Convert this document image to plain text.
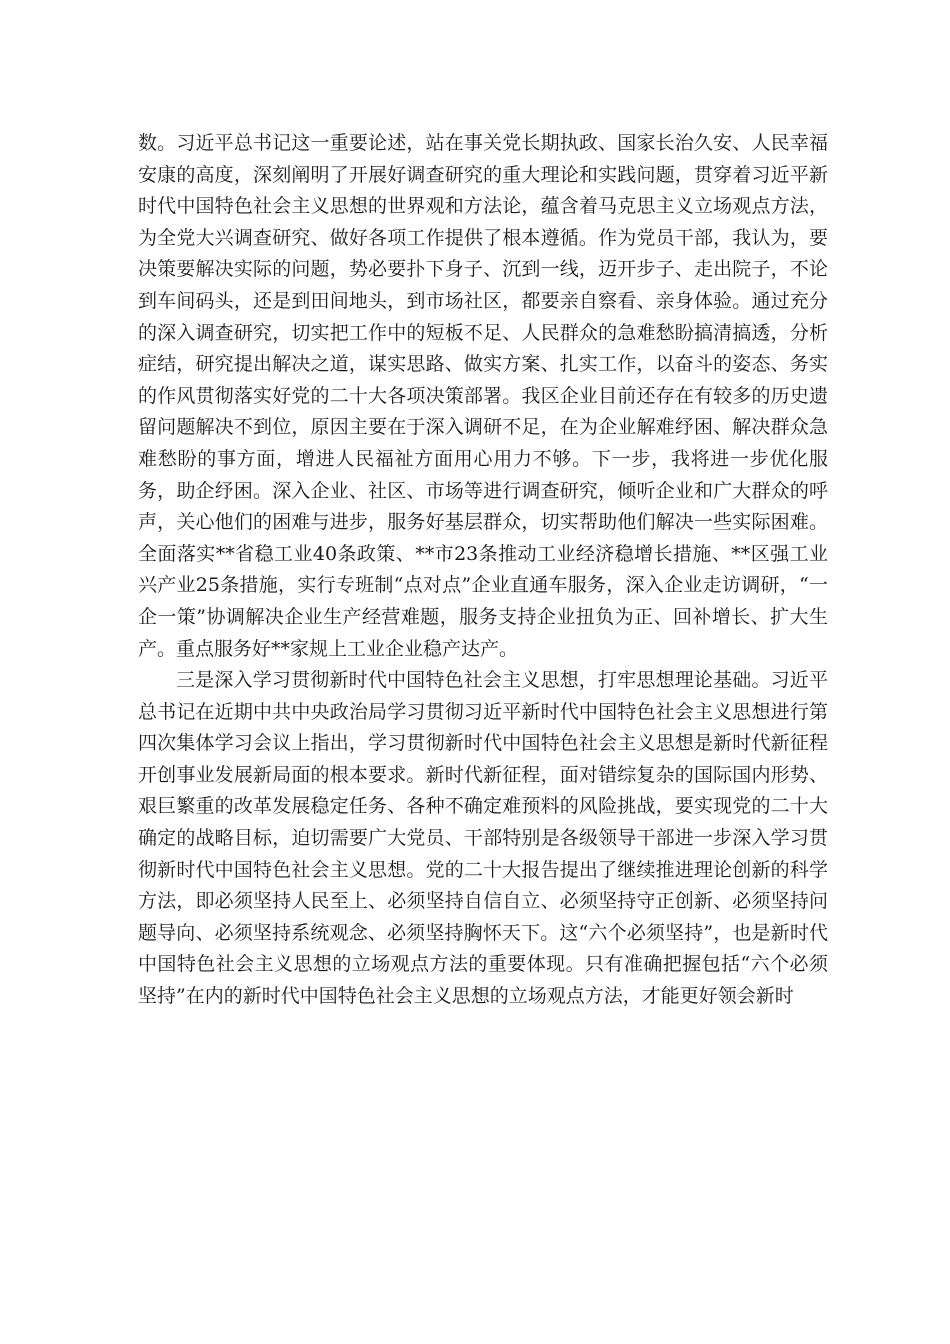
数。习近平总书记这一重要论述，站在事关党长期执政、国家长治久安、人民幸福安康的高度，深刻阐明了开展好调查研究的重大理论和实践问题，贯穿着习近平新时代中国特色社会主义思想的世界观和方法论，蕴含着马克思主义立场观点方法，为全党大兴调查研究、做好各项工作提供了根本遵循。作为党员干部，我认为，要决策要解决实际的问题，势必要扑下身子、沉到一线，迈开步子、走出院子，不论到车间码头，还是到田间地头，到市场社区，都要亲自察看、亲身体验。通过充分的深入调查研究，切实把工作中的短板不足、人民群众的急难愁盼搞清搞透，分析症结，研究提出解决之道，谋实思路、做实方案、扎实工作，以奋斗的姿态、务实的作风贯彻落实好党的二十大各项决策部署。我区企业目前还存在有较多的历史遗留问题解决不到位，原因主要在于深入调研不足，在为企业解难纾困、解决群众急难愁盼的事方面，增进人民福祉方面用心用力不够。下一步，我将进一步优化服务，助企纾困。深入企业、社区、市场等进行调查研究，倾听企业和广大群众的呼声，关心他们的困难与进步，服务好基层群众，切实帮助他们解决一些实际困难。全面落实**省稳工业40条政策、**市23条推动工业经济稳增长措施、**区强工业兴产业25条措施，实行专班制“点对点”企业直通车服务，深入企业走访调研，“一企一策”协调解决企业生产经营难题，服务支持企业扭负为正、回补增长、扩大生产。重点服务好**家规上工业企业稳产达产。

三是深入学习贯彻新时代中国特色社会主义思想，打牢思想理论基础。习近平总书记在近期中共中央政治局学习贯彻习近平新时代中国特色社会主义思想进行第四次集体学习会议上指出，学习贯彻新时代中国特色社会主义思想是新时代新征程开创事业发展新局面的根本要求。新时代新征程，面对错综复杂的国际国内形势、艰巨繁重的改革发展稳定任务、各种不确定难预料的风险挑战，要实现党的二十大确定的战略目标，迫切需要广大党员、干部特别是各级领导干部进一步深入学习贯彻新时代中国特色社会主义思想。党的二十大报告提出了继续推进理论创新的科学方法，即必须坚持人民至上、必须坚持自信自立、必须坚持守正创新、必须坚持问题导向、必须坚持系统观念、必须坚持胸怀天下。这“六个必须坚持”，也是新时代中国特色社会主义思想的立场观点方法的重要体现。只有准确把握包括“六个必须坚持”在内的新时代中国特色社会主义思想的立场观点方法，才能更好领会新时
